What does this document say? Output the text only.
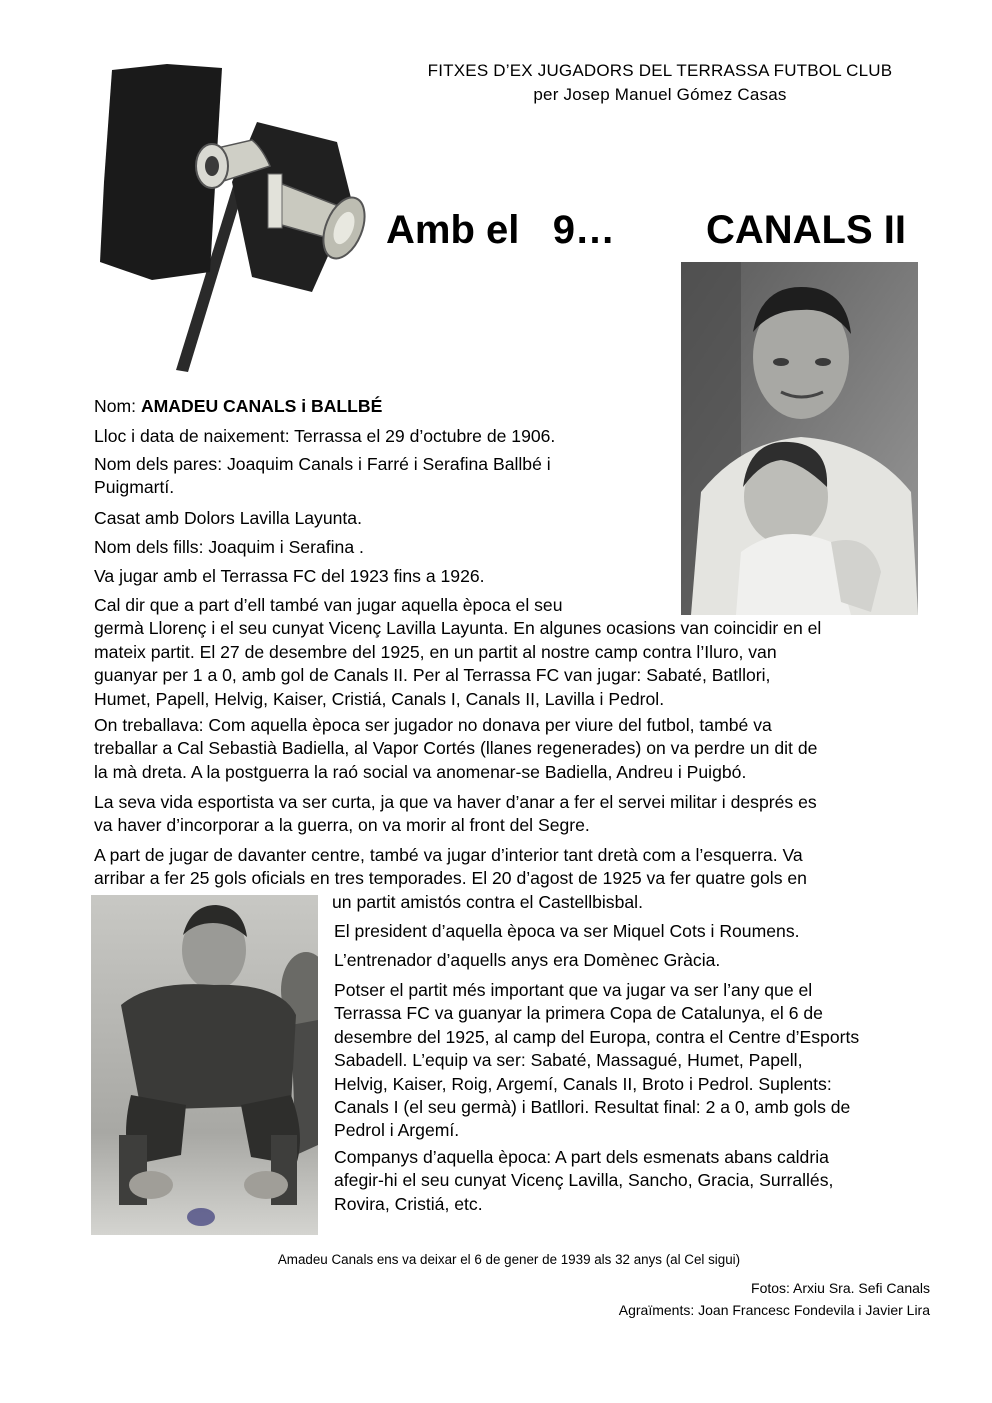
FITXES D’EX JUGADORS DEL TERRASSA FUTBOL CLUB
per Josep Manuel Gómez Casas
Amb el   9… CANALS II
Nom: AMADEU CANALS i BALLBÉ
Lloc i data de naixement: Terrassa el 29 d’octubre de 1906.
Nom dels pares: Joaquim Canals i Farré i Serafina Ballbé i Puigmartí.
Casat amb Dolors Lavilla Layunta.
Nom dels fills: Joaquim i Serafina .
Va jugar amb el Terrassa FC del 1923 fins a 1926.
Cal dir que a part d’ell també van jugar aquella època el seu
germà Llorenç i el seu cunyat Vicenç Lavilla Layunta. En algunes ocasions van coincidir en el
mateix partit. El 27 de desembre del 1925, en un partit al nostre camp contra l’Iluro, van
guanyar per 1 a 0, amb gol de Canals II. Per al Terrassa FC van jugar: Sabaté, Batllori,
Humet, Papell, Helvig, Kaiser, Cristiá, Canals I, Canals II, Lavilla i Pedrol.
On treballava: Com aquella època ser jugador no donava per viure del futbol, també va
treballar a Cal Sebastià Badiella, al Vapor Cortés (llanes regenerades) on va perdre un dit de
la mà dreta. A la postguerra la raó social va anomenar-se Badiella, Andreu i Puigbó.
La seva vida esportista va ser curta, ja que va haver d’anar a fer el servei militar i després es
va haver d’incorporar a la guerra, on va morir al front del Segre.
A part de jugar de davanter centre, també va jugar d’interior tant dretà com a l’esquerra. Va
arribar a fer 25 gols oficials en tres temporades. El 20 d’agost de 1925 va fer quatre gols en
un partit amistós contra el Castellbisbal.
El president d’aquella època va ser Miquel Cots i Roumens.
L’entrenador d’aquells anys era Domènec Gràcia.
Potser el partit més important que va jugar va ser l’any que el
Terrassa FC va guanyar la primera Copa de Catalunya, el 6 de
desembre del 1925, al camp del Europa, contra el Centre d’Esports
Sabadell. L’equip va ser: Sabaté, Massagué, Humet, Papell,
Helvig, Kaiser, Roig, Argemí, Canals II, Broto i Pedrol. Suplents:
Canals I (el seu germà) i Batllori. Resultat final: 2 a 0, amb gols de
Pedrol i Argemí.
Companys d’aquella època: A part dels esmenats abans caldria
afegir-hi el seu cunyat Vicenç Lavilla, Sancho, Gracia, Surrallés,
Rovira, Cristiá, etc.
Amadeu Canals ens va deixar el 6 de gener de 1939 als 32 anys (al Cel sigui)
Fotos: Arxiu Sra. Sefi Canals
Agraïments: Joan Francesc Fondevila i Javier Lira
